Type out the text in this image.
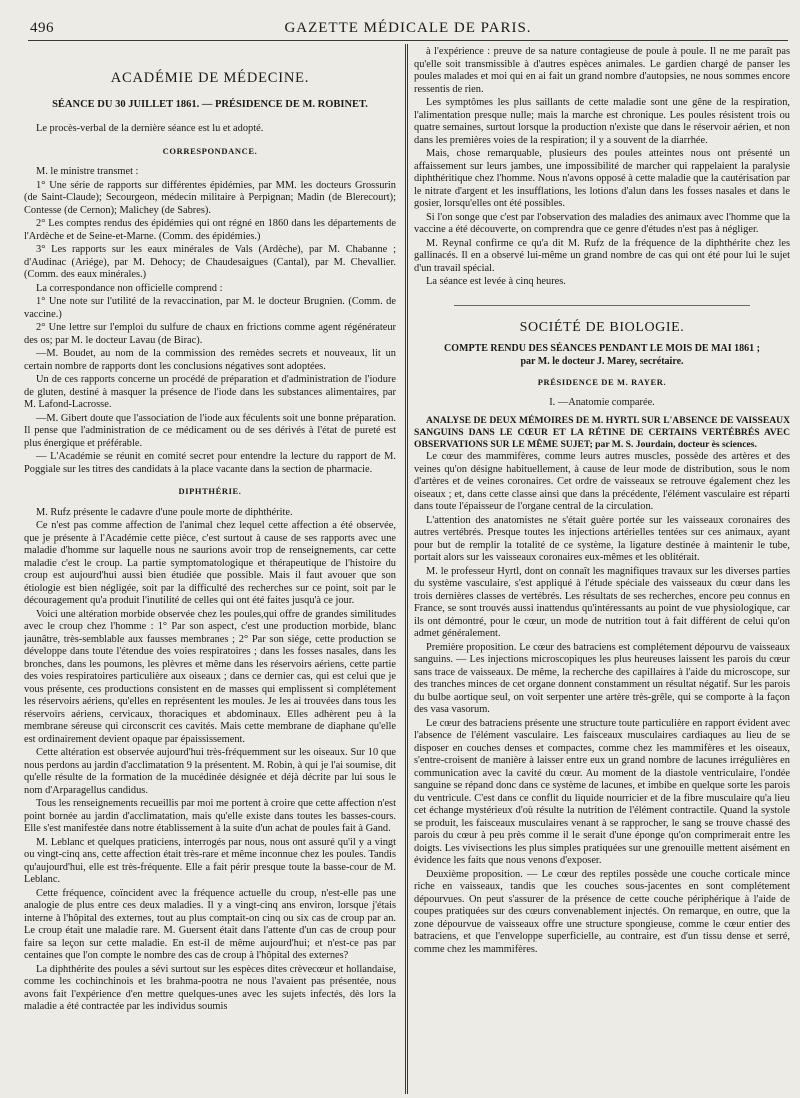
496	GAZETTE MÉDICALE DE PARIS.
ACADÉMIE DE MÉDECINE.
SÉANCE DU 30 JUILLET 1861. — PRÉSIDENCE DE M. ROBINET.

Le procès-verbal de la dernière séance est lu et adopté.

CORRESPONDANCE.

M. le ministre transmet :

1° Une série de rapports sur différentes épidémies, par MM. les docteurs Grossurin (de Saint-Claude); Secourgeon, médecin militaire à Perpignan; Madin (de Blerecourt); Contesse (de Cernon); Malichey (de Sabres).

2° Les comptes rendus des épidémies qui ont régné en 1860 dans les départements de l'Ardèche et de Seine-et-Marne. (Comm. des épidémies.)

3° Les rapports sur les eaux minérales de Vals (Ardèche), par M. Chabanne ; d'Audinac (Ariége), par M. Dehocy; de Chaudesaigues (Cantal), par M. Chevallier. (Comm. des eaux minérales.)

La correspondance non officielle comprend :

1° Une note sur l'utilité de la revaccination, par M. le docteur Brugnien. (Comm. de vaccine.)

2° Une lettre sur l'emploi du sulfure de chaux en frictions comme agent régénérateur des os; par M. le docteur Lavau (de Birac).

—M. Boudet, au nom de la commission des remèdes secrets et nouveaux, lit un certain nombre de rapports dont les conclusions négatives sont adoptées.

Un de ces rapports concerne un procédé de préparation et d'administration de l'iodure de gluten, destiné à masquer la présence de l'iode dans les substances alimentaires, par M. Lafond-Lacrosse.

—M. Gibert doute que l'association de l'iode aux féculents soit une bonne préparation. Il pense que l'administration de ce médicament ou de ses dérivés à l'état de pureté est plus énergique et préférable.

— L'Académie se réunit en comité secret pour entendre la lecture du rapport de M. Poggiale sur les titres des candidats à la place vacante dans la section de pharmacie.

DIPHTHÉRIE.

M. Rufz présente le cadavre d'une poule morte de diphthérite.

Ce n'est pas comme affection de l'animal chez lequel cette affection a été observée, que je présente à l'Académie cette pièce, c'est surtout à cause de ses rapports avec une maladie d'homme sur laquelle nous ne saurions avoir trop de renseignements, car cette maladie c'est le croup. La partie symptomatologique et thérapeutique de l'histoire du croup est aujourd'hui aussi bien étudiée que possible. Mais il faut avouer que son étiologie est bien négligée, soit par la difficulté des recherches sur ce point, soit par le découragement qu'a produit l'inutilité de celles qui ont été faites jusqu'à ce jour.

Voici une altération morbide observée chez les poules,qui offre de grandes similitudes avec le croup chez l'homme : 1° Par son aspect, c'est une production morbide, blanc jaunâtre, très-semblable aux fausses membranes ; 2° Par son siége, cette production se développe dans toute l'étendue des voies respiratoires ; dans les fosses nasales, dans les bronches, dans les poumons, les plèvres et même dans les réservoirs aériens, cette partie des voies respiratoires particulière aux oiseaux ; dans ce dernier cas, qui est celui que je vous présente, ces productions consistent en de masses qui emplissent si complétement les réservoirs aériens, qu'elles en représentent les moules. Je les ai trouvées dans tous les réservoirs aériens, cervicaux, thoraciques et abdominaux. Elles adhèrent peu à la membrane séreuse qui circonscrit ces cavités. Mais cette membrane de diaphane qu'elle est ordinairement devient opaque par épaississement.

Cette altération est observée aujourd'hui très-fréquemment sur les oiseaux. Sur 10 que nous perdons au jardin d'acclimatation 9 la présentent. M. Robin, à qui je l'ai soumise, dit qu'elle résulte de la formation de la mucédinée désignée et déjà décrite par lui sous le nom d'Arparagellus candidus.

Tous les renseignements recueillis par moi me portent à croire que cette affection n'est point bornée au jardin d'acclimatation, mais qu'elle existe dans toutes les basses-cours. Elle s'est manifestée dans notre établissement à la suite d'un achat de poules fait à Gand.

M. Leblanc et quelques praticiens, interrogés par nous, nous ont assuré qu'il y a vingt ou vingt-cinq ans, cette affection était très-rare et même inconnue chez les poules. Tandis qu'aujourd'hui, elle est très-fréquente. Elle a fait périr presque toute la basse-cour de M. Leblanc.

Cette fréquence, coïncident avec la fréquence actuelle du croup, n'est-elle pas une analogie de plus entre ces deux maladies. Il y a vingt-cinq ans environ, lorsque j'étais interne à l'hôpital des externes, tout au plus comptait-on cinq ou six cas de croup par an. Le croup était une maladie rare. M. Guersent était dans l'attente d'un cas de croup pour faire sa leçon sur cette maladie. En est-il de même aujourd'hui; et n'est-ce pas par centaines que l'on compte le nombre des cas de croup à l'hôpital des externes?

La diphthérite des poules a sévi surtout sur les espèces dites crèvecœur et hollandaise, comme les cochinchinois et les brahma-pootra ne nous l'avaient pas présentée, nous avons fait l'expérience d'en mettre quelques-unes avec les sujets infectés, dès lors la maladie a été contractée par les individus soumis

à l'expérience : preuve de sa nature contagieuse de poule à poule. Il ne me paraît pas qu'elle soit transmissible à d'autres espèces animales. Le gardien chargé de panser les poules malades et moi qui en ai fait un grand nombre d'autopsies, ne nous sommes encore ressentis de rien.

Les symptômes les plus saillants de cette maladie sont une gêne de la respiration, l'alimentation presque nulle; mais la marche est chronique. Les poules résistent trois ou quatre semaines, surtout lorsque la production n'existe que dans le réservoir aérien, et non dans les premières voies de la respiration; il y a souvent de la diarrhée.

Mais, chose remarquable, plusieurs des poules atteintes nous ont présenté un affaissement sur leurs jambes, une impossibilité de marcher qui rappelaient la paralysie diphthéritique chez l'homme. Nous n'avons opposé à cette maladie que la cautérisation par le nitrate d'argent et les insufflations, les lotions d'alun dans les fosses nasales et dans le gosier, lorsqu'elles ont été possibles.

Si l'on songe que c'est par l'observation des maladies des animaux avec l'homme que la vaccine a été découverte, on comprendra que ce genre d'études n'est pas à négliger.

M. Reynal confirme ce qu'a dit M. Rufz de la fréquence de la diphthérite chez les gallinacés. Il en a observé lui-même un grand nombre de cas qui ont été pour lui le sujet d'un travail spécial.

La séance est levée à cinq heures.

SOCIÉTÉ DE BIOLOGIE.
COMPTE RENDU DES SÉANCES PENDANT LE MOIS DE MAI 1861 ;
par M. le docteur J. Marey, secrétaire.
PRÉSIDENCE DE M. RAYER.
I. —Anatomie comparée.

ANALYSE DE DEUX MÉMOIRES DE M. HYRTL SUR L'ABSENCE DE VAISSEAUX SANGUINS DANS LE CŒUR ET LA RÉTINE DE CERTAINS VERTÉBRÉS AVEC OBSERVATIONS SUR LE MÊME SUJET; par M. S. Jourdain, docteur ès sciences.

Le cœur des mammifères, comme leurs autres muscles, possède des artères et des veines qu'on désigne habituellement, à cause de leur mode de distribution, sous le nom d'artères et de veines coronaires. Cet ordre de vaisseaux se retrouve également chez les oiseaux ; et, dans cette classe ainsi que dans la précédente, l'élément vasculaire est réparti dans toute l'épaisseur de l'organe central de la circulation.

L'attention des anatomistes ne s'était guère portée sur les vaisseaux coronaires des autres vertébrés. Presque toutes les injections artérielles tentées sur ces animaux, ayant pour but de remplir la totalité de ce système, la ligature destinée à maintenir le tube, portait alors sur les vaisseaux coronaires eux-mêmes et les oblitérait.

M. le professeur Hyrtl, dont on connaît les magnifiques travaux sur les diverses parties du système vasculaire, s'est appliqué à l'étude spéciale des vaisseaux du cœur dans les trois dernières classes de vertébrés. Les résultats de ses recherches, encore peu connus en France, se sont trouvés aussi inattendus qu'intéressants au point de vue physiologique, car ils ont démontré, pour le cœur, un mode de nutrition tout à fait différent de celui qu'on admet généralement.

Première proposition. Le cœur des batraciens est complétement dépourvu de vaisseaux sanguins. — Les injections microscopiques les plus heureuses laissent les parois du cœur sans trace de vaisseaux. De même, la recherche des capillaires à l'aide du microscope, sur des tranches minces de cet organe donnent constamment un résultat négatif. Sur les parois du bulbe aortique seul, on voit serpenter une artère très-grêle, qui se comporte à la façon des vasa vasorum.

Le cœur des batraciens présente une structure toute particulière en rapport évident avec l'absence de l'élément vasculaire. Les faisceaux musculaires cardiaques au lieu de se disposer en couches denses et compactes, comme chez les mammifères et les oiseaux, s'entre-croisent de manière à laisser entre eux un grand nombre de lacunes irrégulières en communication avec la cavité du cœur. Au moment de la diastole ventriculaire, l'ondée sanguine se répand donc dans ce système de lacunes, et imbibe en quelque sorte les parois du ventricule. C'est dans ce conflit du liquide nourricier et de la fibre musculaire qu'a lieu cet échange mystérieux d'où résulte la nutrition de l'élément contractile. Quand la systole se produit, les faisceaux musculaires venant à se rapprocher, le sang se trouve chassé des parois du cœur à peu près comme il le serait d'une éponge qu'on comprimerait entre les doigts. Les vivisections les plus simples pratiquées sur une grenouille mettent aisément en évidence les faits que nous venons d'exposer.

Deuxième proposition. — Le cœur des reptiles possède une couche corticale mince riche en vaisseaux, tandis que les couches sous-jacentes en sont complétement dépourvues. On peut s'assurer de la présence de cette couche périphérique à l'aide de coupes pratiquées sur des cœurs convenablement injectés. On remarque, en outre, que la zone dépourvue de vaisseaux offre une structure spongieuse, comme le cœur entier des batraciens, et que l'enveloppe superficielle, au contraire, est d'un tissu dense et serré, comme chez les mammifères.
